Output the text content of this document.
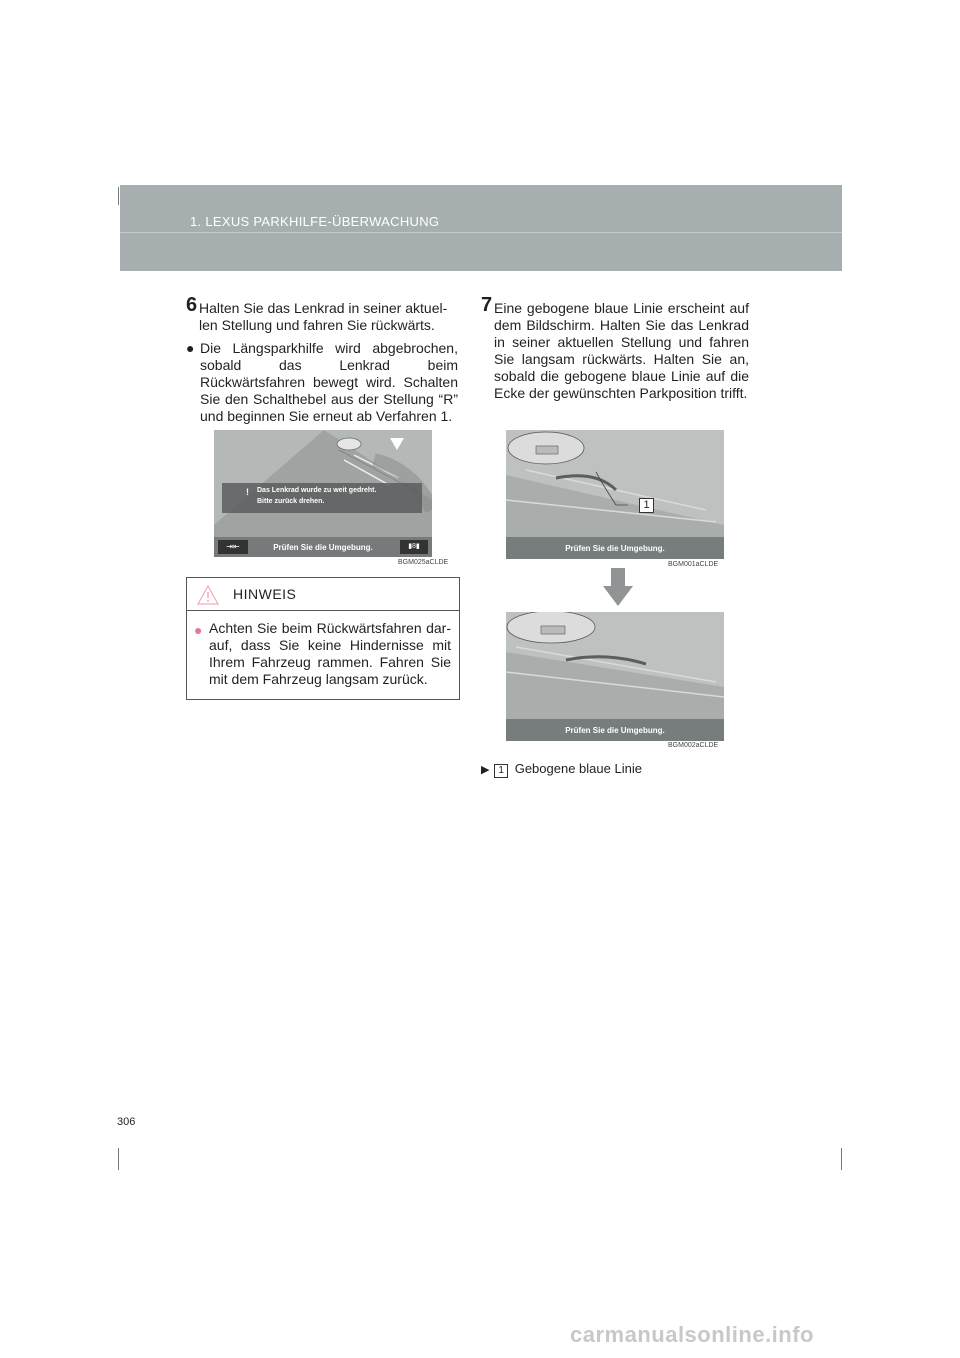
1. LEXUS PARKHILFE-ÜBERWACHUNG
6 Halten Sie das Lenkrad in seiner aktuel-len Stellung und fahren Sie rückwärts.

● Die Längsparkhilfe wird abgebrochen, sobald das Lenkrad beim Rückwärtsfahren bewegt wird. Schalten Sie den Schalthebel aus der Stellung “R” und beginnen Sie erneut ab Verfahren 1.

! Das Lenkrad wurde zu weit gedreht.
Bitte zurück drehen.
⇥⇤	Prüfen Sie die Umgebung.	▮8▮
BGM025aCLDE
HINWEIS
● Achten Sie beim Rückwärtsfahren dar-auf, dass Sie keine Hindernisse mit Ihrem Fahrzeug rammen. Fahren Sie mit dem Fahrzeug langsam zurück.

7 Eine gebogene blaue Linie erscheint auf dem Bildschirm. Halten Sie das Lenkrad in seiner aktuellen Stellung und fahren Sie langsam rückwärts. Halten Sie an, sobald die gebogene blaue Linie auf die Ecke der gewünschten Parkposition trifft.

1
Prüfen Sie die Umgebung.
BGM001aCLDE
Prüfen Sie die Umgebung.
BGM002aCLDE
▶ 1 Gebogene blaue Linie
306
carmanualsonline.info
